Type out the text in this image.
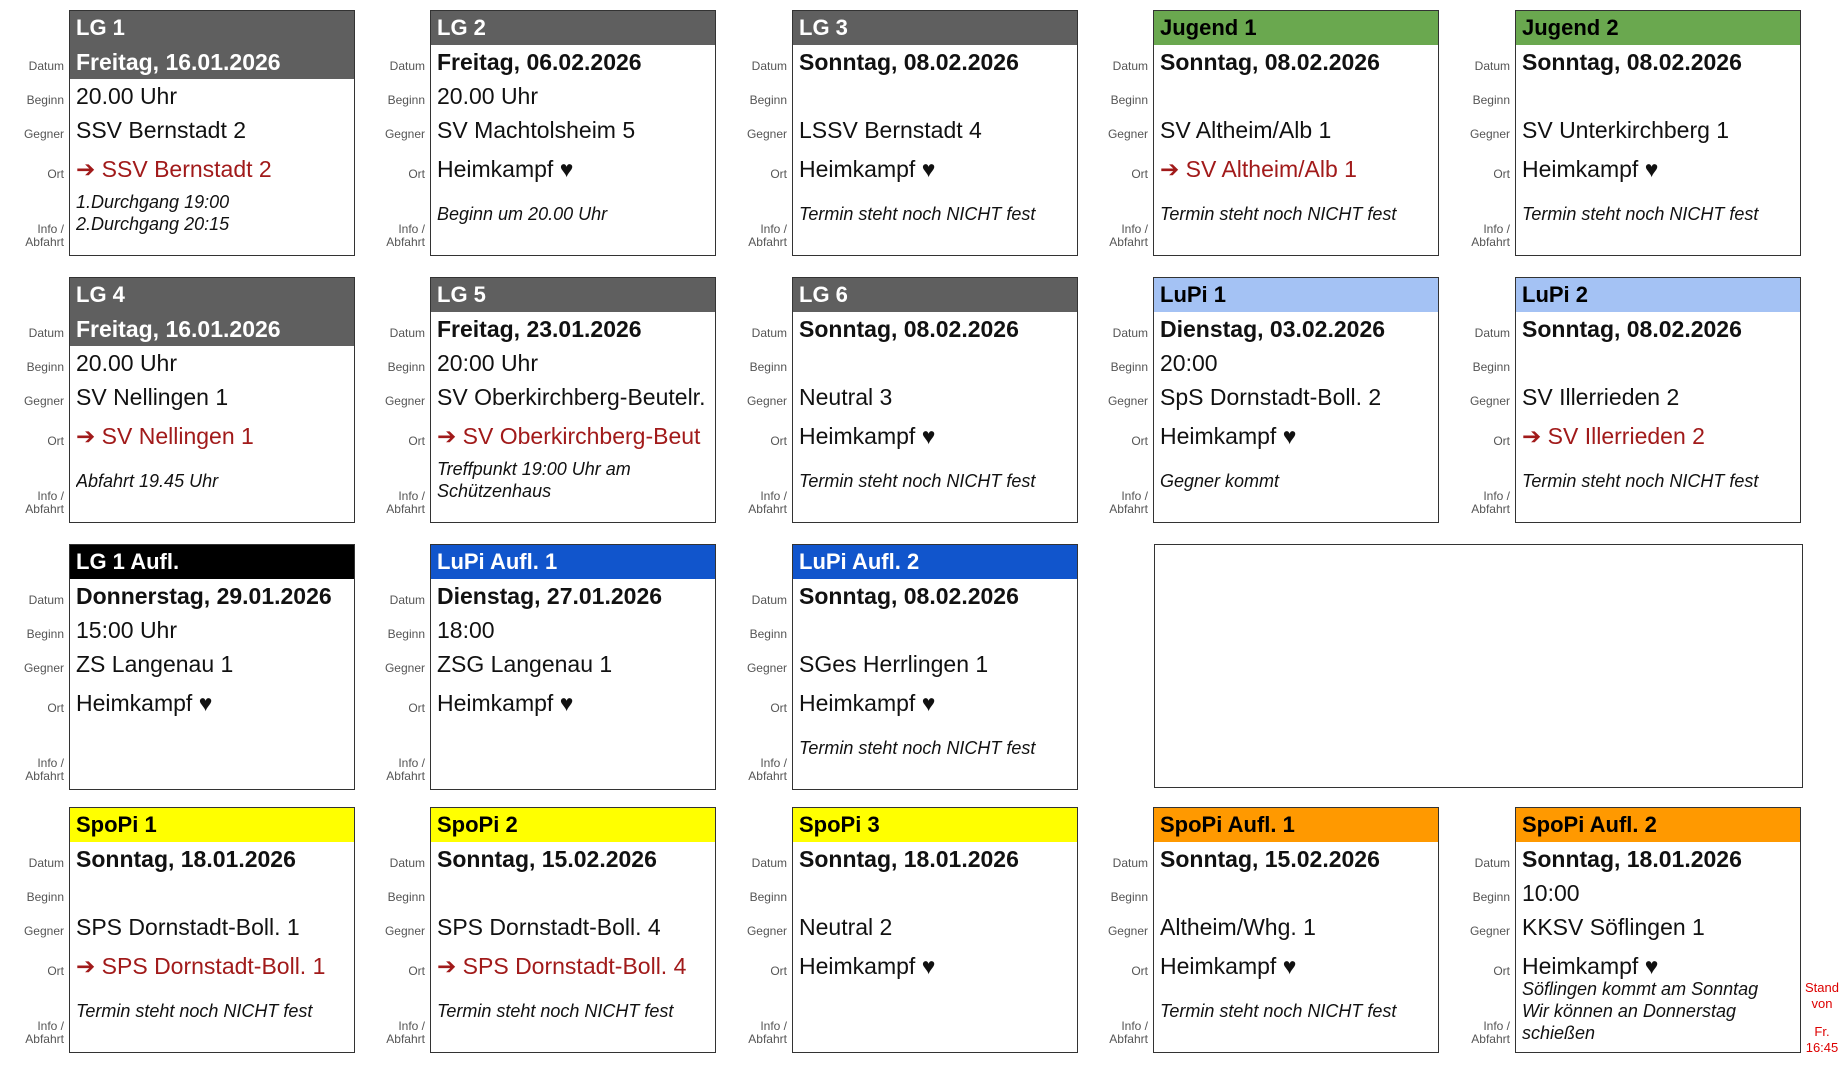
Datum
Beginn
Gegner
Ort
Info /
Abfahrt
LG 1
Freitag, 16.01.2026
20.00 Uhr
SSV Bernstadt 2
➔ SSV Bernstadt 2
1.Durchgang 19:00
2.Durchgang 20:15
Datum
Beginn
Gegner
Ort
Info /
Abfahrt
LG 2
Freitag, 06.02.2026
20.00 Uhr
SV Machtolsheim 5
Heimkampf ♥
Beginn um 20.00 Uhr
Datum
Beginn
Gegner
Ort
Info /
Abfahrt
LG 3
Sonntag, 08.02.2026
LSSV Bernstadt 4
Heimkampf ♥
Termin steht noch NICHT fest
Datum
Beginn
Gegner
Ort
Info /
Abfahrt
Jugend 1
Sonntag, 08.02.2026
SV Altheim/Alb 1
➔ SV Altheim/Alb 1
Termin steht noch NICHT fest
Datum
Beginn
Gegner
Ort
Info /
Abfahrt
Jugend 2
Sonntag, 08.02.2026
SV Unterkirchberg 1
Heimkampf ♥
Termin steht noch NICHT fest
Datum
Beginn
Gegner
Ort
Info /
Abfahrt
LG 4
Freitag, 16.01.2026
20.00 Uhr
SV Nellingen 1
➔ SV Nellingen 1
Abfahrt 19.45 Uhr
Datum
Beginn
Gegner
Ort
Info /
Abfahrt
LG 5
Freitag, 23.01.2026
20:00 Uhr
SV Oberkirchberg-Beutelr.
➔ SV Oberkirchberg-Beut
Treffpunkt 19:00 Uhr am
Schützenhaus
Datum
Beginn
Gegner
Ort
Info /
Abfahrt
LG 6
Sonntag, 08.02.2026
Neutral 3
Heimkampf ♥
Termin steht noch NICHT fest
Datum
Beginn
Gegner
Ort
Info /
Abfahrt
LuPi 1
Dienstag, 03.02.2026
20:00
SpS Dornstadt-Boll. 2
Heimkampf ♥
Gegner kommt
Datum
Beginn
Gegner
Ort
Info /
Abfahrt
LuPi 2
Sonntag, 08.02.2026
SV Illerrieden 2
➔ SV Illerrieden 2
Termin steht noch NICHT fest
Datum
Beginn
Gegner
Ort
Info /
Abfahrt
LG 1 Aufl.
Donnerstag, 29.01.2026
15:00 Uhr
ZS Langenau 1
Heimkampf ♥
Datum
Beginn
Gegner
Ort
Info /
Abfahrt
LuPi Aufl. 1
Dienstag, 27.01.2026
18:00
ZSG Langenau 1
Heimkampf ♥
Datum
Beginn
Gegner
Ort
Info /
Abfahrt
LuPi Aufl. 2
Sonntag, 08.02.2026
SGes Herrlingen 1
Heimkampf ♥
Termin steht noch NICHT fest
Datum
Beginn
Gegner
Ort
Info /
Abfahrt
SpoPi 1
Sonntag, 18.01.2026
SPS Dornstadt-Boll. 1
➔ SPS Dornstadt-Boll. 1
Termin steht noch NICHT fest
Datum
Beginn
Gegner
Ort
Info /
Abfahrt
SpoPi 2
Sonntag, 15.02.2026
SPS Dornstadt-Boll. 4
➔ SPS Dornstadt-Boll. 4
Termin steht noch NICHT fest
Datum
Beginn
Gegner
Ort
Info /
Abfahrt
SpoPi 3
Sonntag, 18.01.2026
Neutral 2
Heimkampf ♥
Datum
Beginn
Gegner
Ort
Info /
Abfahrt
SpoPi Aufl. 1
Sonntag, 15.02.2026
Altheim/Whg. 1
Heimkampf ♥
Termin steht noch NICHT fest
Datum
Beginn
Gegner
Ort
Info /
Abfahrt
SpoPi Aufl. 2
Sonntag, 18.01.2026
10:00
KKSV Söflingen 1
Heimkampf ♥
Söflingen kommt am Sonntag
Wir können an Donnerstag
schießen
Stand
von
Fr.
16:45
